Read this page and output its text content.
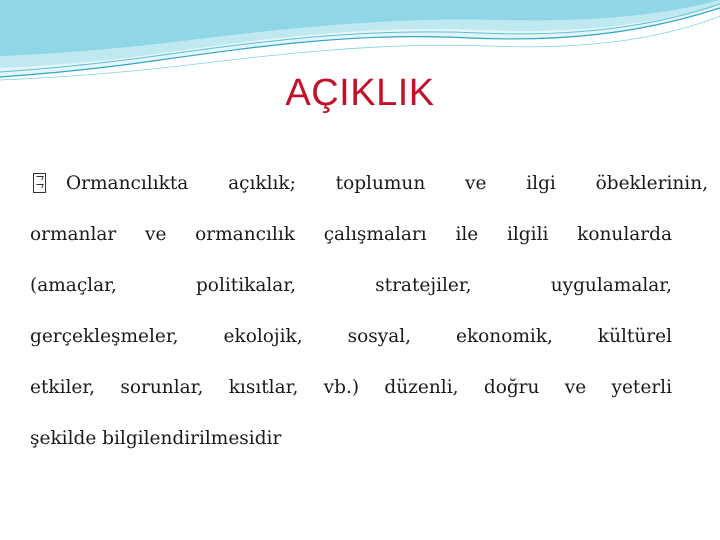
AÇIKLIK
Ormancılıkta açıklık; toplumun ve ilgi öbeklerinin,
ormanlar ve ormancılık çalışmaları ile ilgili konularda
(amaçlar, politikalar, stratejiler, uygulamalar,
gerçekleşmeler, ekolojik, sosyal, ekonomik, kültürel
etkiler, sorunlar, kısıtlar, vb.) düzenli, doğru ve yeterli
şekilde bilgilendirilmesidir
